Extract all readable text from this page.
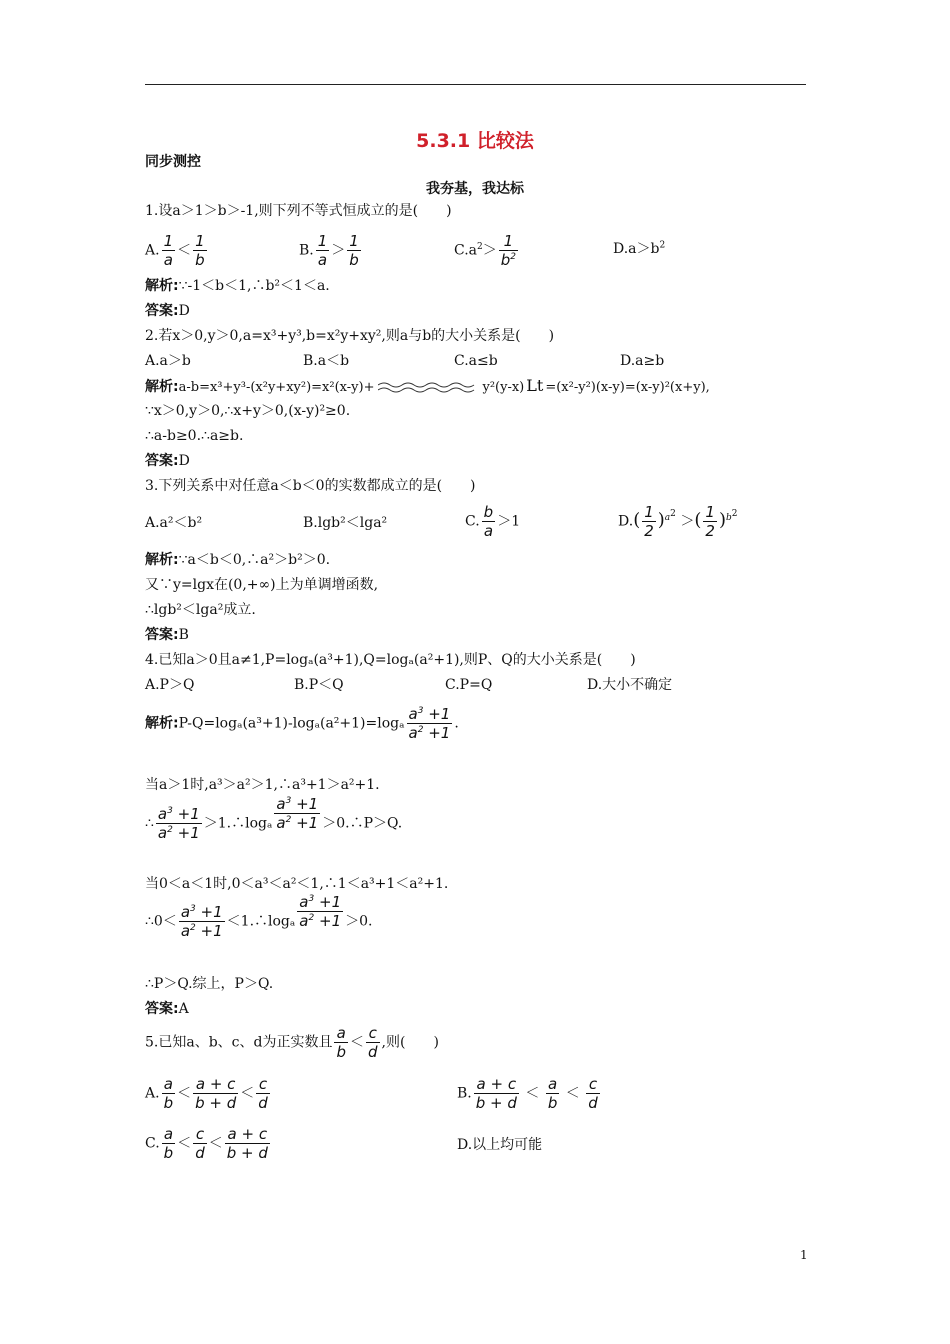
5.3.1 比较法
同步测控
我夯基，我达标
1.设a＞1＞b＞-1,则下列不等式恒成立的是(　　)
A. $\frac{1}{a} < \frac{1}{b}$	B. $\frac{1}{a} > \frac{1}{b}$	$C.a^2> \frac{1}{b^2}$	$D.a>b^2$
解析:∵-1＜b＜1,∴b²＜1＜a.
答案:D
2.若x＞0,y＞0,a=x³+y³,b=x²y+xy²,则a与b的大小关系是(　　)
A.a＞b	B.a＜b	C.a≤b	D.a≥b
解析:a-b=x³+y³-(x²y+xy²)=x²(x-y)+	y²(y-x) Lt =(x²-y²)(x-y)=(x-y)²(x+y),
∵x＞0,y＞0,∴x+y＞0,(x-y)²≥0.
∴a-b≥0.∴a≥b.
答案:D
3.下列关系中对任意a＜b＜0的实数都成立的是(　　)
A.a²＜b²	B.lgb²＜lga²	C. $\frac{b}{a} >1$	$D.( \frac{1}{2} )^{a^2}$ ＞( $\frac{1}{2} )^{b^2}$
解析:∵a＜b＜0,∴a²＞b²＞0.
又∵y=lgx在(0,+∞)上为单调增函数,
∴lgb²＜lga²成立.
答案:B
4.已知a＞0且a≠1,P=logₐ(a³+1),Q=logₐ(a²+1),则P、Q的大小关系是(　　)
A.P＞Q	B.P＜Q	C.P=Q	D.大小不确定
解析:P-Q=logₐ(a³+1)-logₐ(a²+1)=logₐ $\frac{a^3 +1}{a^2 +1}$ .
当a＞1时,a³＞a²＞1,∴a³+1＞a²+1.
∴ $\frac{a^3 +1}{a^2 +1}$ ＞1.∴logₐ $\frac{a^3 +1}{a^2 +1}$ ＞0.∴P＞Q.
当0＜a＜1时,0＜a³＜a²＜1,∴1＜a³+1＜a²+1.
∴0＜ $\frac{a^3 +1}{a^2 +1}$ ＜1.∴logₐ $\frac{a^3 +1}{a^2 +1} >0$.
∴P＞Q.综上，P＞Q.
答案:A
5.已知a、b、c、d为正实数且 $\frac{a}{b} < \frac{c}{d}$ ,则(　　)
A. $\frac{a}{b} < \frac{a + c}{b + d} < \frac{c}{d}$	B. $\frac{a + c}{b + d} < \frac{a}{b} < \frac{c}{d}$
C. $\frac{a}{b} < \frac{c}{d} < \frac{a + c}{b + d}$	D.以上均可能
1
